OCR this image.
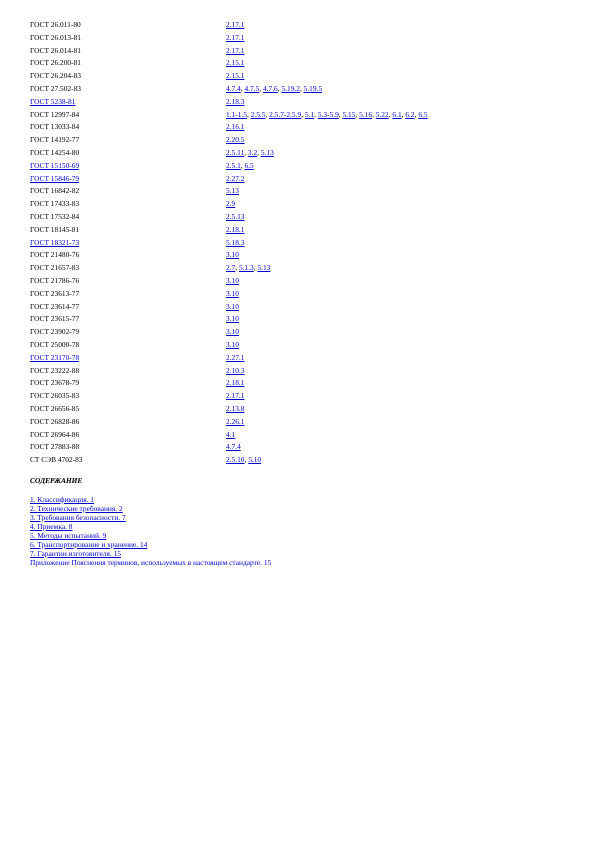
ГОСТ 26.011-80	2.17.1
ГОСТ 26.013-81	2.17.1
ГОСТ 26.014-81	2.17.1
ГОСТ 26.200-81	2.15.1
ГОСТ 26.204-83	2.15.1
ГОСТ 27.502-83	4.7.4, 4.7.5, 4.7.6, 5.19.2, 5.19.5
ГОСТ 5238-81	2.18.3
ГОСТ 12997-84	1.1-1.5, 2.5.5, 2.5.7-2.5.9, 5.1, 5.3-5.9, 5.15, 5.16, 5.22, 6.1, 6.2, 6.5
ГОСТ 13033-84	2.16.1
ГОСТ 14192-77	2.20.5
ГОСТ 14254-80	2.5.11, 3.2, 5.13
ГОСТ 15150-69	2.5.1, 6.5
ГОСТ 15846-79	2.27.2
ГОСТ 16842-82	5.13
ГОСТ 17433-83	2.9
ГОСТ 17532-84	2.5.13
ГОСТ 18145-81	2.18.1
ГОСТ 18321-73	5.18.3
ГОСТ 21480-76	3.10
ГОСТ 21657-83	2.7, 5.1.3, 5.13
ГОСТ 21786-76	3.10
ГОСТ 23613-77	3.10
ГОСТ 23614-77	3.10
ГОСТ 23615-77	3.10
ГОСТ 23902-79	3.10
ГОСТ 25000-78	3.10
ГОСТ 23170-78	2.27.1
ГОСТ 23222-88	2.10.3
ГОСТ 23678-79	2.18.1
ГОСТ 26035-83	2.17.1
ГОСТ 26656-85	2.13.8
ГОСТ 26828-86	2.26.1
ГОСТ 26964-86	4.1
ГОСТ 27883-88	4.7.4
СТ СЭВ 4702-83	2.5.10, 5.10
СОДЕРЖАНИЕ
1. Классификация. 1
2. Технические требования. 2
3. Требования безопасности. 7
4. Приемка. 8
5. Методы испытаний. 9
6. Транспортирование и хранение. 14
7. Гарантии изготовителя. 15
Приложение Пояснения терминов, используемых в настоящем стандарте. 15
